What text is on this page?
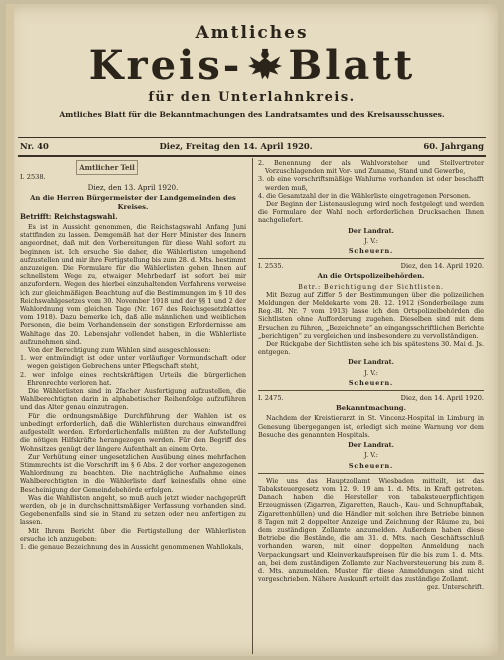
Amtliches
Kreis- Blatt
für den Unterlahnkreis.
Amtliches Blatt für die Bekanntmachungen des Landratsamtes und des Kreisausschusses.
Nr. 40	Diez, Freitag den 14. April 1920.	60. Jahrgang
Amtlicher Teil
I. 2538.
Diez, den 13. April 1920.
An die Herren Bürgermeister der Landgemeinden des Kreises.
Betrifft: Reichstagswahl.

Es ist in Aussicht genommen, die Reichstagswahl Anfang Juni stattfinden zu lassen. Demgemäß hat der Herr Minister des Innern angeordnet, daß mit den Vorbereitungen für diese Wahl sofort zu beginnen ist. Ich ersuche Sie daher, die Wählerlisten umgehend aufzustellen und mir ihre Fertigstellung bis zum 28. d. Mts. bestimmt anzuzeigen. Die Formulare für die Wählerlisten gehen Ihnen auf schnellstem Wege zu, etwaiger Mehrbedarf ist sofort bei mir anzufordern. Wegen des hierbei einzuhaltenden Verfahrens verweise ich zur gleichmäßigen Beachtung auf die Bestimmungen im § 10 des Reichswahlgesetzes vom 30. November 1918 und der §§ 1 und 2 der Wahlordnung vom gleichen Tage (Nr. 167 des Reichsgesetzblattes vom 1918). Dazu bemerke ich, daß alle männlichen und weiblichen Personen, die beim Vorhandensein der sonstigen Erfordernisse am Wahltage das 20. Lebensjahr vollendet haben, in die Wählerliste aufzunehmen sind.

Von der Berechtigung zum Wählen sind ausgeschlossen:

1. wer entmündigt ist oder unter vorläufiger Vormundschaft oder wegen geistigen Gebrechens unter Pflegschaft steht,

2. wer infolge eines rechtskräftigen Urteils die bürgerlichen Ehrenrechte verloren hat.

Die Wählerlisten sind in 2facher Ausfertigung aufzustellen, die Wahlberechtigten darin in alphabetischer Reihenfolge aufzuführen und das Alter genau einzutragen.

Für die ordnungsmäßige Durchführung der Wahlen ist es unbedingt erforderlich, daß die Wählerlisten durchaus einwandfrei aufgestellt werden. Erforderlichenfalls müßten zu der Aufstellung die nötigen Hilfskräfte herangezogen werden. Für den Begriff des Wohnsitzes genügt der längere Aufenthalt an einem Orte.

Zur Verhütung einer ungesetzlichen Ausübung eines mehrfachen Stimmrechts ist die Vorschrift im § 6 Abs. 2 der vorher angezogenen Wahlordnung zu beachten. Die nachträgliche Aufnahme eines Wahlberechtigten in die Wählerliste darf keinesfalls ohne eine Bescheinigung der Gemeindebehörde erfolgen.

Was die Wahllisten angeht, so muß auch jetzt wieder nachgeprüft werden, ob je in durchschnittsmäßiger Verfassung vorhanden sind. Gegebenenfalls sind sie in Stand zu setzen oder neu anfertigen zu lassen.

Mit Ihrem Bericht über die Fertigstellung der Wählerlisten ersuche ich anzugeben:

1. die genaue Bezeichnung des in Aussicht genommenen Wahllokals,

2. Benennung der als Wahlvorsteher und Stellvertreter Vorzuschlagenden mit Vor- und Zuname, Stand und Gewerbe,

3. ob eine vorschriftsmäßige Wahlurne vorhanden ist oder beschafft werden muß,

4. die Gesamtzahl der in die Wählerliste eingetragenen Personen.

Der Beginn der Listenauslegung wird noch festgelegt und werden die Formulare der Wahl noch erforderlichen Drucksachen Ihnen nachgeliefert.

Der Landrat.
J. V.:
Scheuern.
I. 2535.	Diez, den 14. April 1920.
An die Ortspolizeibehörden.

Betr.: Berichtigung der Sichtlisten.

Mit Bezug auf Ziffer 5 der Bestimmungen über die polizeilichen Meldungen der Meldekarte vom 28. 12. 1912 (Sonderbeilage zum Reg.-Bl. Nr. 7 vom 1913) lasse ich den Ortspolizeibehörden die Sichtlisten ohne Aufforderung zugehen. Dieselben sind mit dem Ersuchen zu führen, „Bezeichnete“ an eingangsschriftlichen Berichte „berichtigen“ zu vergleichen und insbesondere zu vervollständigen.

Der Rückgabe der Sichtlisten sehe ich bis spätestens 30. Mai d. Js. entgegen.

Der Landrat.
J. V.:
Scheuern.
I. 2475.	Diez, den 14. April 1920.
Bekanntmachung.

Nachdem der Kreistierarzt in St. Vincenz-Hospital in Limburg in Genesung übergegangen ist, erledigt sich meine Warnung vor dem Besuche des genannten Hospitals.

Der Landrat.
J. V.:
Scheuern.

Wie uns das Hauptzollamt Wiesbaden mitteilt, ist das Tabaksteuergesetz vom 12. 9. 19 am 1. d. Mts. in Kraft getreten. Danach haben die Hersteller von tabaksteuerpflichtigen Erzeugnissen (Zigarren, Zigaretten, Rauch-, Kau- und Schnupftabak, Zigarettenhüllen) und die Händler mit solchen ihre Betriebe binnen 8 Tagen mit 2 doppelter Anzeige und Zeichnung der Räume zu, bei dem zuständigen Zollamte anzumelden. Außerdem haben diese Betriebe die Bestände, die am 31. d. Mts. nach Geschäftsschluß vorhanden waren, mit einer doppelten Anmeldung nach Verpackungsart und Kleinverkaufspreisen für die bis zum 1. d. Mts. an, bei dem zuständigen Zollamte zur Nachversteuerung bis zum 8. d. Mts. anzumelden. Muster für diese Anmeldungen sind nicht vorgeschrieben. Nähere Auskunft erteilt das zuständige Zollamt.

gez. Unterschrift.
